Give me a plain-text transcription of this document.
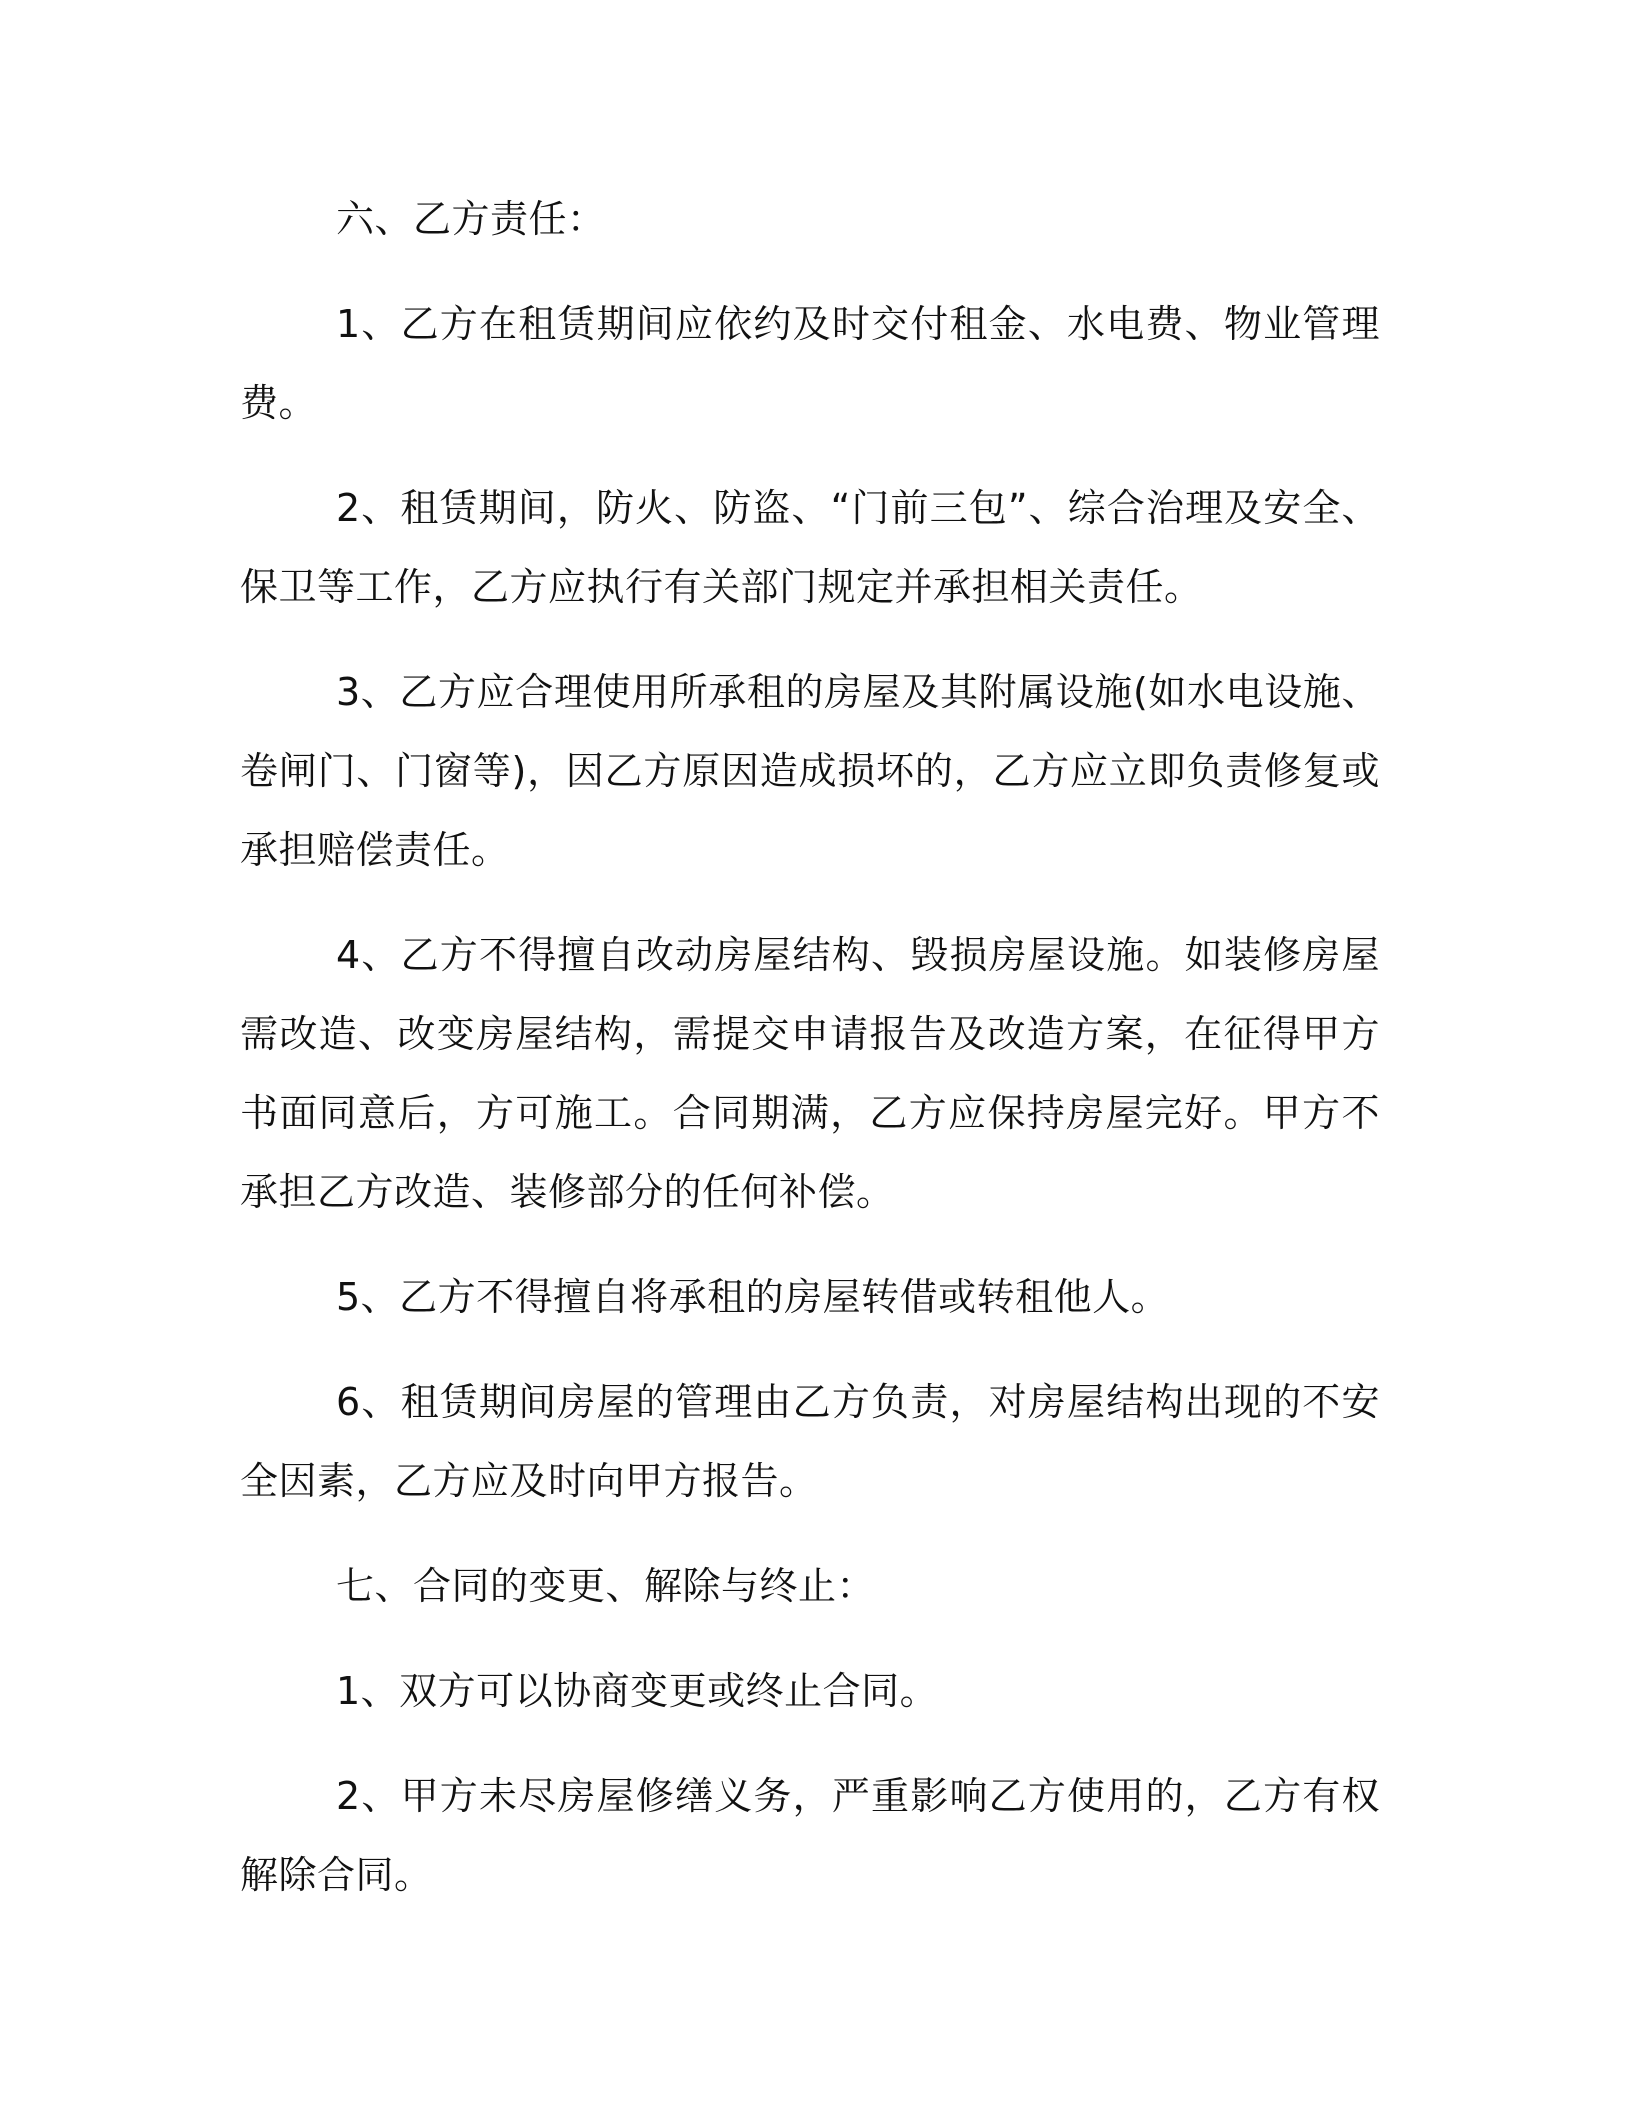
六、乙方责任：

1、乙方在租赁期间应依约及时交付租金、水电费、物业管理费。

2、租赁期间，防火、防盗、“门前三包”、综合治理及安全、保卫等工作，乙方应执行有关部门规定并承担相关责任。

3、乙方应合理使用所承租的房屋及其附属设施(如水电设施、卷闸门、门窗等)，因乙方原因造成损坏的，乙方应立即负责修复或承担赔偿责任。

4、乙方不得擅自改动房屋结构、毁损房屋设施。如装修房屋需改造、改变房屋结构，需提交申请报告及改造方案，在征得甲方书面同意后，方可施工。合同期满，乙方应保持房屋完好。甲方不承担乙方改造、装修部分的任何补偿。

5、乙方不得擅自将承租的房屋转借或转租他人。

6、租赁期间房屋的管理由乙方负责，对房屋结构出现的不安全因素，乙方应及时向甲方报告。

七、合同的变更、解除与终止：

1、双方可以协商变更或终止合同。

2、甲方未尽房屋修缮义务，严重影响乙方使用的，乙方有权解除合同。
